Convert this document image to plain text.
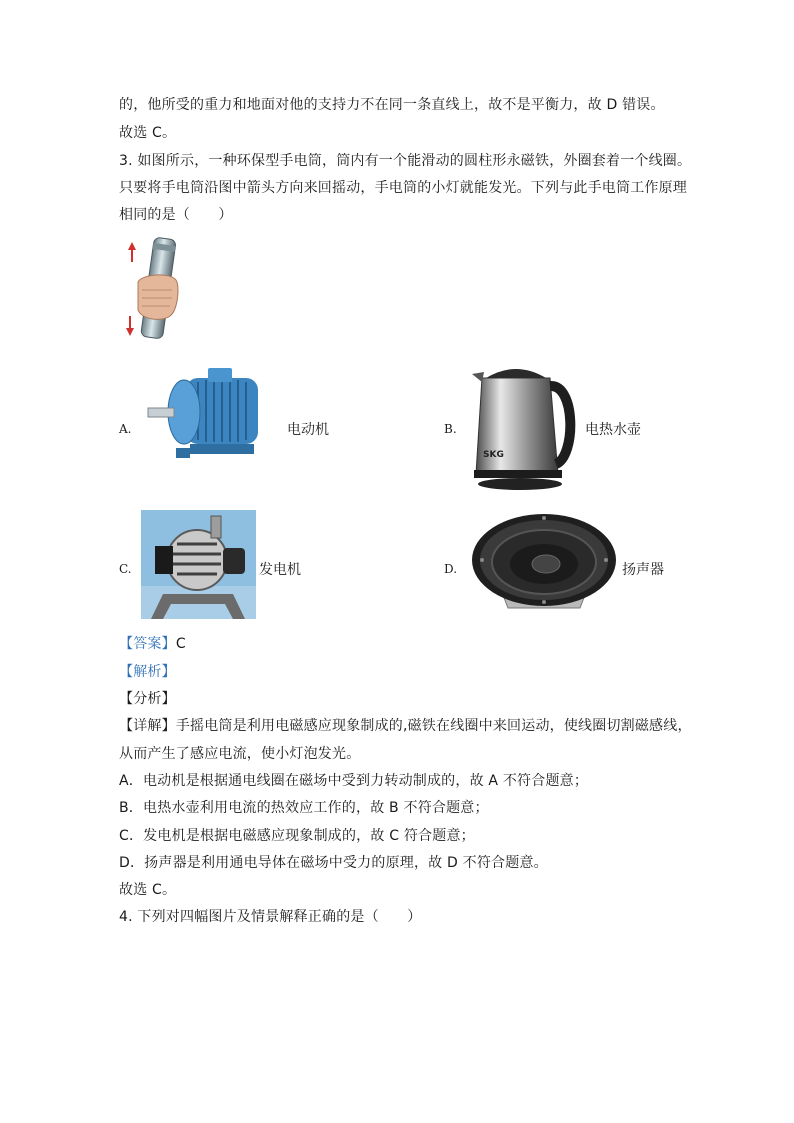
的，他所受的重力和地面对他的支持力不在同一条直线上，故不是平衡力，故 D 错误。
故选 C。
3. 如图所示，一种环保型手电筒，筒内有一个能滑动的圆柱形永磁铁，外圈套着一个线圈。
只要将手电筒沿图中箭头方向来回摇动，手电筒的小灯就能发光。下列与此手电筒工作原理
相同的是（　　）
A.	电动机	B.
SKG
电热水壶
C.	发电机	D.	扬声器
【答案】C
【解析】
【分析】
【详解】手摇电筒是利用电磁感应现象制成的,磁铁在线圈中来回运动，使线圈切割磁感线，
从而产生了感应电流，使小灯泡发光。
A．电动机是根据通电线圈在磁场中受到力转动制成的，故 A 不符合题意；
B．电热水壶利用电流的热效应工作的，故 B 不符合题意；
C．发电机是根据电磁感应现象制成的，故 C 符合题意；
D．扬声器是利用通电导体在磁场中受力的原理，故 D 不符合题意。
故选 C。
4. 下列对四幅图片及情景解释正确的是（　　）
